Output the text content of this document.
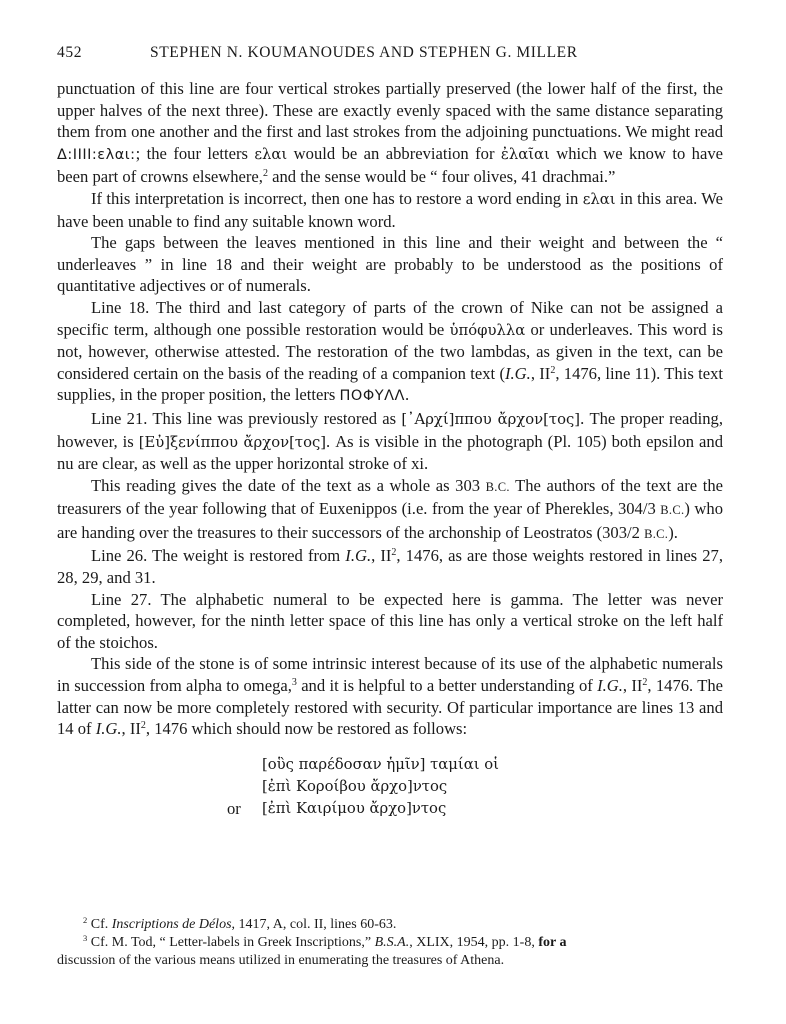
452	STEPHEN N. KOUMANOUDES AND STEPHEN G. MILLER

punctuation of this line are four vertical strokes partially preserved (the lower half of the first, the upper halves of the next three). These are exactly evenly spaced with the same distance separating them from one another and the first and last strokes from the adjoining punctuations. We might read Δ:IIII:ελαι:; the four letters ελαι would be an abbreviation for ἐλαῖαι which we know to have been part of crowns elsewhere,$^2$ and the sense would be “ four olives, 41 drachmai.”

If this interpretation is incorrect, then one has to restore a word ending in ελαι in this area. We have been unable to find any suitable known word.

The gaps between the leaves mentioned in this line and their weight and between the “ underleaves ” in line 18 and their weight are probably to be understood as the positions of quantitative adjectives or of numerals.

Line 18. The third and last category of parts of the crown of Nike can not be assigned a specific term, although one possible restoration would be ὑπόφυλλα or underleaves. This word is not, however, otherwise attested. The restoration of the two lambdas, as given in the text, can be considered certain on the basis of the reading of a companion text (I.G., $II^2$, 1476, line 11). This text supplies, in the proper position, the letters ΠΟΦΥΛΛ.

Line 21. This line was previously restored as [᾿Αρχί]ππου ἄρχον[τος]. The proper reading, however, is [Εὐ]ξενίππου ἄρχον[τος]. As is visible in the photograph (Pl. 105) both epsilon and nu are clear, as well as the upper horizontal stroke of xi.

This reading gives the date of the text as a whole as 303 B.C. The authors of the text are the treasurers of the year following that of Euxenippos (i.e. from the year of Pherekles, 304/3 B.C.) who are handing over the treasures to their successors of the archonship of Leostratos (303/2 B.C.).

Line 26. The weight is restored from I.G., $II^2$, 1476, as are those weights restored in lines 27, 28, 29, and 31.

Line 27. The alphabetic numeral to be expected here is gamma. The letter was never completed, however, for the ninth letter space of this line has only a vertical stroke on the left half of the stoichos.

This side of the stone is of some intrinsic interest because of its use of the alphabetic numerals in succession from alpha to omega,$^3$ and it is helpful to a better understanding of I.G., $II^2$, 1476. The latter can now be more completely restored with security. Of particular importance are lines 13 and 14 of I.G., $II^2$, 1476 which should now be restored as follows:

[οὓς παρέδοσαν ἡμῖν] ταμίαι οἱ
[ἐπὶ Κοροίβου ἄρχο]ντος
or [ἐπὶ Καιρίμου ἄρχο]ντος

$^2$ Cf. Inscriptions de Délos, 1417, A, col. II, lines 60-63.

$^3$ Cf. M. Tod, “ Letter-labels in Greek Inscriptions,” B.S.A., XLIX, 1954, pp. 1-8, for a
discussion of the various means utilized in enumerating the treasures of Athena.
